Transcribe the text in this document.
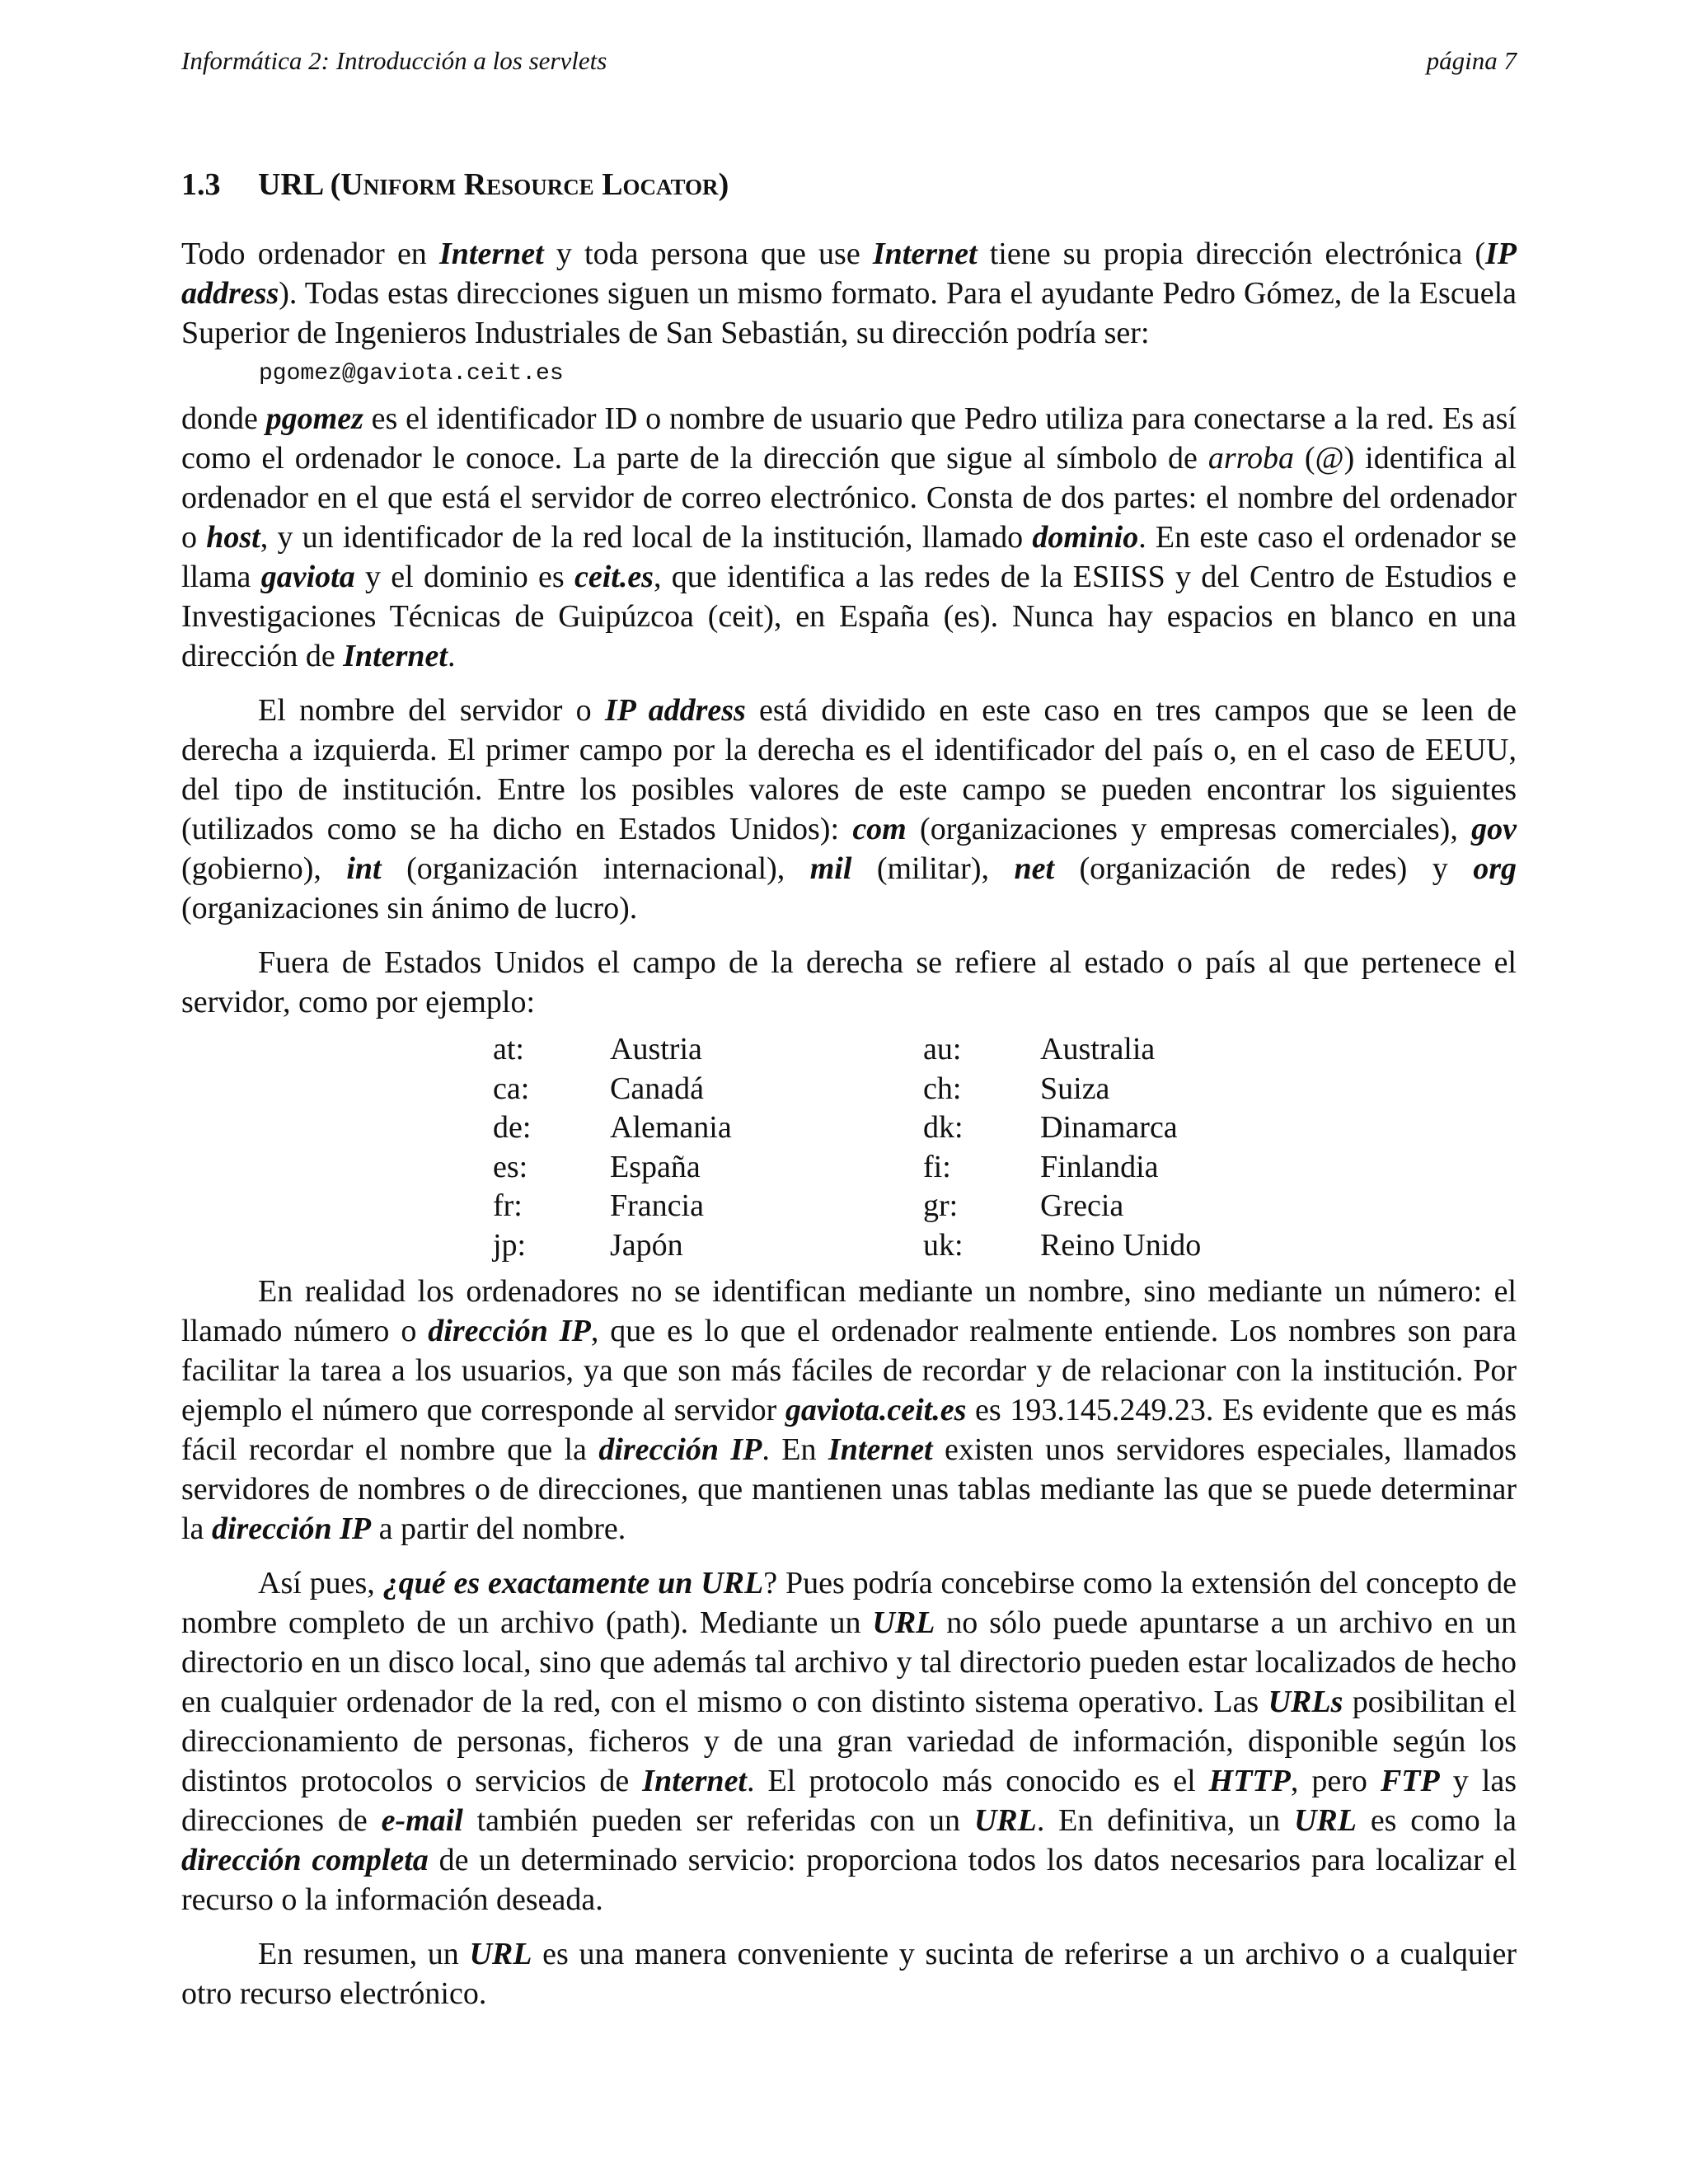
Informática 2: Introducción a los servlets	página 7
1.3 URL (Uniform Resource Locator)

Todo ordenador en Internet y toda persona que use Internet tiene su propia dirección electrónica (IP address). Todas estas direcciones siguen un mismo formato. Para el ayudante Pedro Gómez, de la Escuela Superior de Ingenieros Industriales de San Sebastián, su dirección podría ser:

pgomez@gaviota.ceit.es

donde pgomez es el identificador ID o nombre de usuario que Pedro utiliza para conectarse a la red. Es así como el ordenador le conoce. La parte de la dirección que sigue al símbolo de arroba (@) identifica al ordenador en el que está el servidor de correo electrónico. Consta de dos partes: el nombre del ordenador o host, y un identificador de la red local de la institución, llamado dominio. En este caso el ordenador se llama gaviota y el dominio es ceit.es, que identifica a las redes de la ESIISS y del Centro de Estudios e Investigaciones Técnicas de Guipúzcoa (ceit), en España (es). Nunca hay espacios en blanco en una dirección de Internet.

El nombre del servidor o IP address está dividido en este caso en tres campos que se leen de derecha a izquierda. El primer campo por la derecha es el identificador del país o, en el caso de EEUU, del tipo de institución. Entre los posibles valores de este campo se pueden encontrar los siguientes (utilizados como se ha dicho en Estados Unidos): com (organizaciones y empresas comerciales), gov (gobierno), int (organización internacional), mil (militar), net (organización de redes) y org (organizaciones sin ánimo de lucro).

Fuera de Estados Unidos el campo de la derecha se refiere al estado o país al que pertenece el servidor, como por ejemplo:

at:	Austria	au:	Australia
ca:	Canadá	ch:	Suiza
de:	Alemania	dk:	Dinamarca
es:	España	fi:	Finlandia
fr:	Francia	gr:	Grecia
jp:	Japón	uk:	Reino Unido

En realidad los ordenadores no se identifican mediante un nombre, sino mediante un número: el llamado número o dirección IP, que es lo que el ordenador realmente entiende. Los nombres son para facilitar la tarea a los usuarios, ya que son más fáciles de recordar y de relacionar con la institución. Por ejemplo el número que corresponde al servidor gaviota.ceit.es es 193.145.249.23. Es evidente que es más fácil recordar el nombre que la dirección IP. En Internet existen unos servidores especiales, llamados servidores de nombres o de direcciones, que mantienen unas tablas mediante las que se puede determinar la dirección IP a partir del nombre.

Así pues, ¿qué es exactamente un URL? Pues podría concebirse como la extensión del concepto de nombre completo de un archivo (path). Mediante un URL no sólo puede apuntarse a un archivo en un directorio en un disco local, sino que además tal archivo y tal directorio pueden estar localizados de hecho en cualquier ordenador de la red, con el mismo o con distinto sistema operativo. Las URLs posibilitan el direccionamiento de personas, ficheros y de una gran variedad de información, disponible según los distintos protocolos o servicios de Internet. El protocolo más conocido es el HTTP, pero FTP y las direcciones de e-mail también pueden ser referidas con un URL. En definitiva, un URL es como la dirección completa de un determinado servicio: proporciona todos los datos necesarios para localizar el recurso o la información deseada.

En resumen, un URL es una manera conveniente y sucinta de referirse a un archivo o a cualquier otro recurso electrónico.
